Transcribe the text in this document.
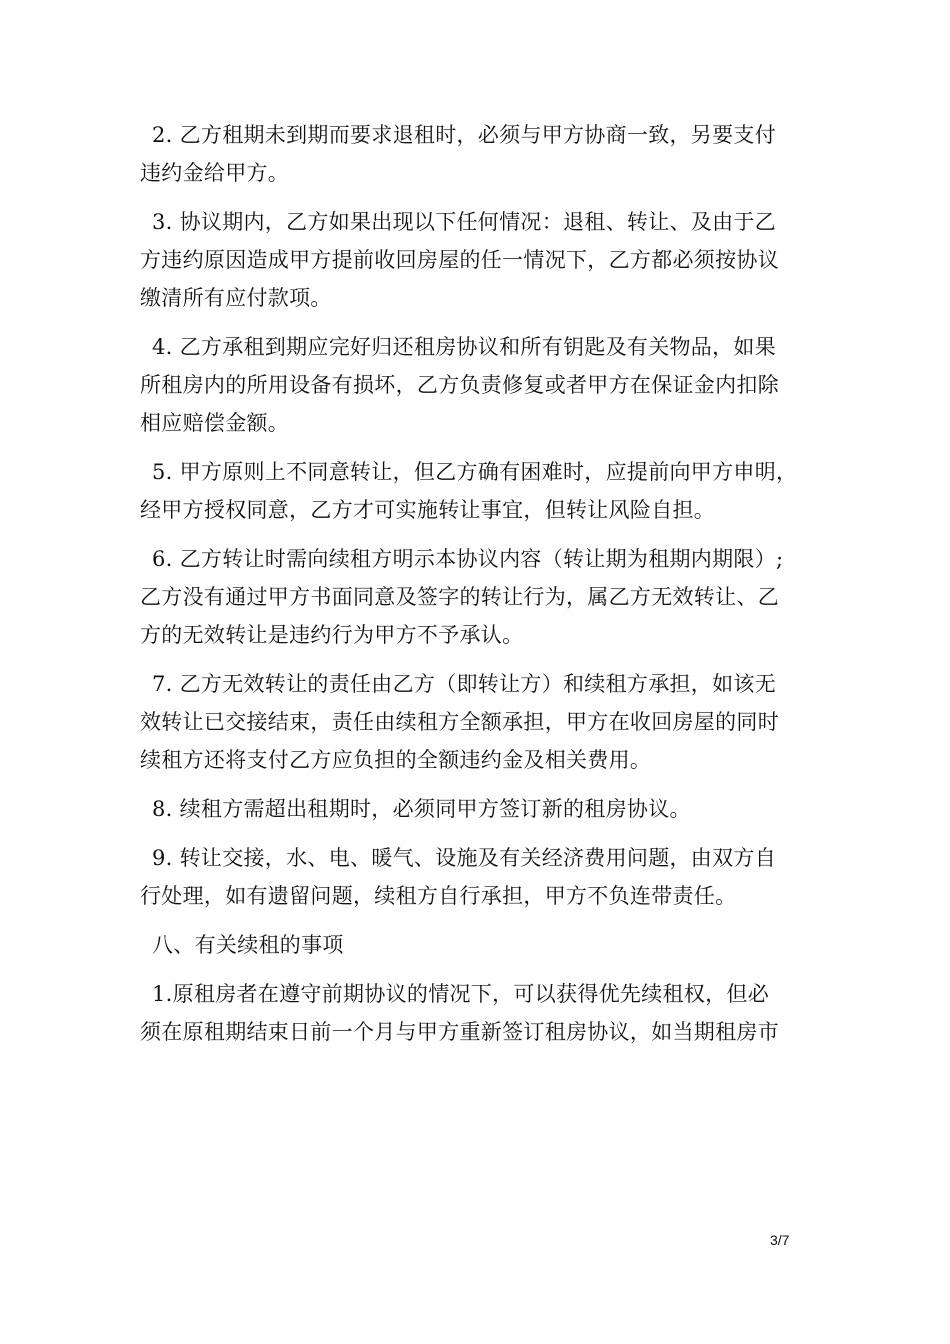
2. 乙方租期未到期而要求退租时，必须与甲方协商一致，另要支付
违约金给甲方。

3. 协议期内，乙方如果出现以下任何情况：退租、转让、及由于乙
方违约原因造成甲方提前收回房屋的任一情况下，乙方都必须按协议
缴清所有应付款项。

4. 乙方承租到期应完好归还租房协议和所有钥匙及有关物品，如果
所租房内的所用设备有损坏，乙方负责修复或者甲方在保证金内扣除
相应赔偿金额。

5. 甲方原则上不同意转让，但乙方确有困难时，应提前向甲方申明，
经甲方授权同意，乙方才可实施转让事宜，但转让风险自担。

6. 乙方转让时需向续租方明示本协议内容（转让期为租期内期限）;
乙方没有通过甲方书面同意及签字的转让行为，属乙方无效转让、乙
方的无效转让是违约行为甲方不予承认。

7. 乙方无效转让的责任由乙方（即转让方）和续租方承担，如该无
效转让已交接结束，责任由续租方全额承担，甲方在收回房屋的同时
续租方还将支付乙方应负担的全额违约金及相关费用。

8. 续租方需超出租期时，必须同甲方签订新的租房协议。

9. 转让交接，水、电、暖气、设施及有关经济费用问题，由双方自
行处理，如有遗留问题，续租方自行承担，甲方不负连带责任。

八、有关续租的事项

1.原租房者在遵守前期协议的情况下，可以获得优先续租权，但必
须在原租期结束日前一个月与甲方重新签订租房协议，如当期租房市

3/7
